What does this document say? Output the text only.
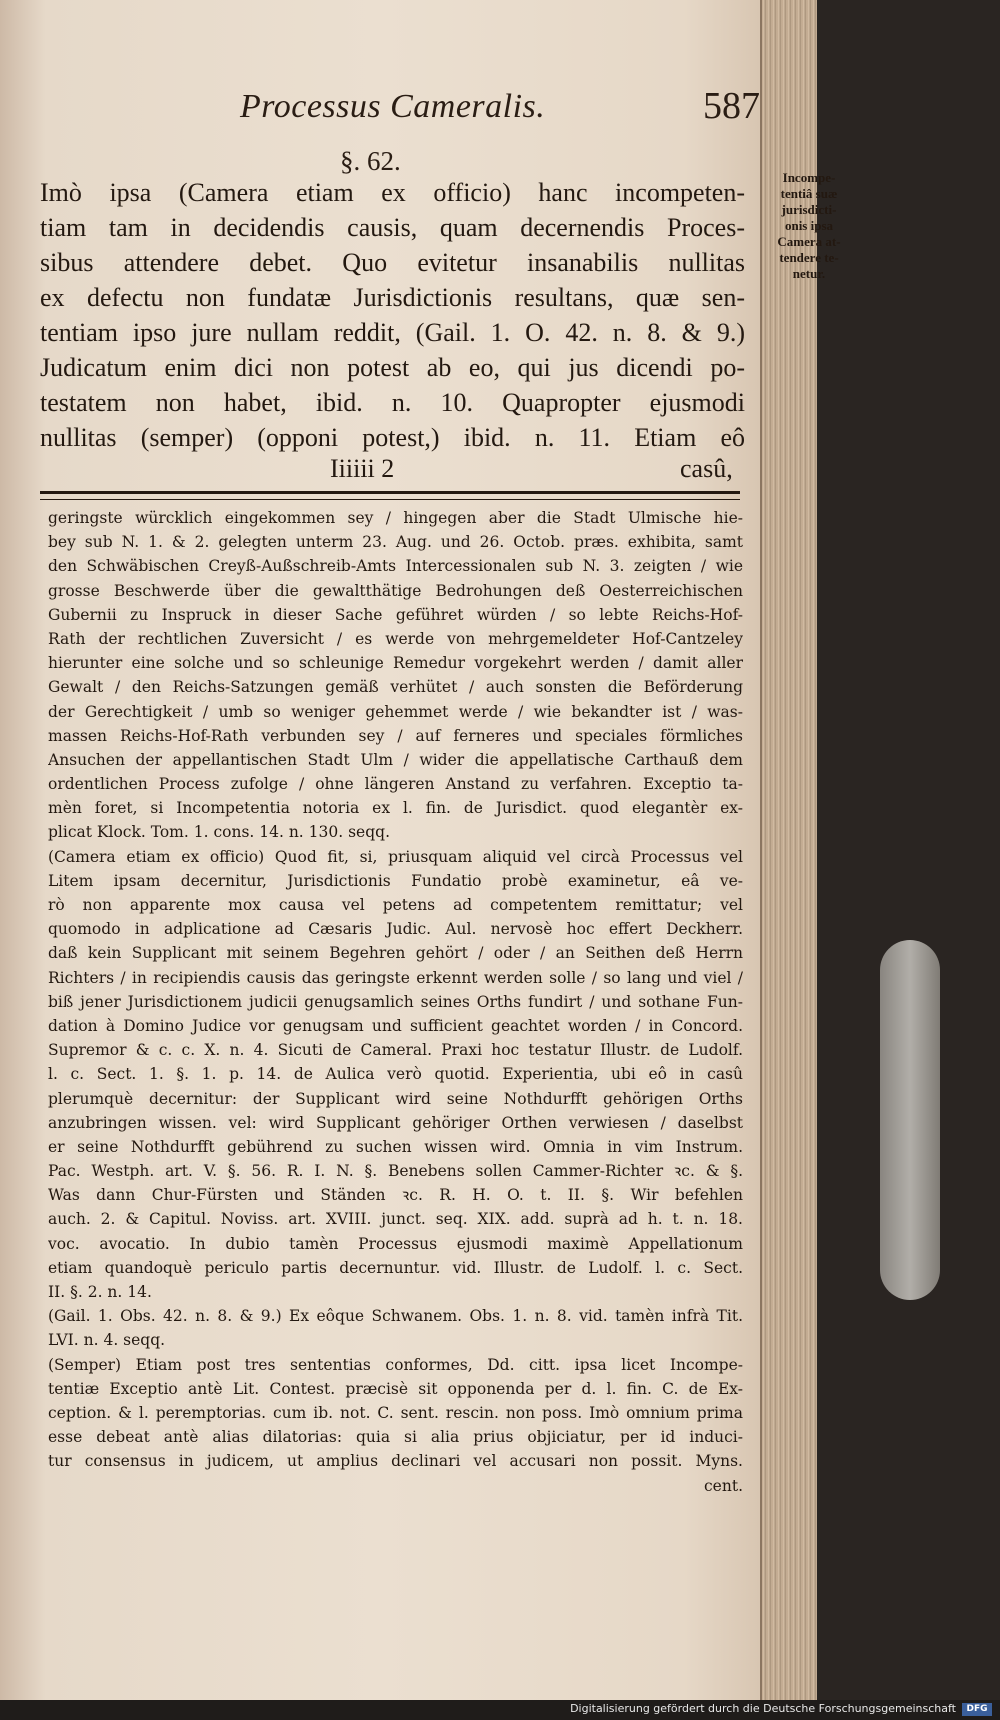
Processus Cameralis.	587
§. 62.
Imò ipsa (Camera etiam ex officio) hanc incompeten-
tiam tam in decidendis causis, quam decernendis Proces-
sibus attendere debet. Quo evitetur insanabilis nullitas
ex defectu non fundatæ Jurisdictionis resultans, quæ sen-
tentiam ipso jure nullam reddit, (Gail. 1. O. 42. n. 8. & 9.)
Judicatum enim dici non potest ab eo, qui jus dicendi po-
testatem non habet, ibid. n. 10. Quapropter ejusmodi
nullitas (semper) (opponi potest,) ibid. n. 11. Etiam eô
Iiiiii 2	casû,
geringste würcklich eingekommen sey / hingegen aber die Stadt Ulmische hie-
bey sub N. 1. & 2. gelegten unterm 23. Aug. und 26. Octob. præs. exhibita, samt
den Schwäbischen Creyß-Außschreib-Amts Intercessionalen sub N. 3. zeigten / wie
grosse Beschwerde über die gewaltthätige Bedrohungen deß Oesterreichischen
Gubernii zu Inspruck in dieser Sache geführet würden / so lebte Reichs-Hof-
Rath der rechtlichen Zuversicht / es werde von mehrgemeldeter Hof-Cantzeley
hierunter eine solche und so schleunige Remedur vorgekehrt werden / damit aller
Gewalt / den Reichs-Satzungen gemäß verhütet / auch sonsten die Beförderung
der Gerechtigkeit / umb so weniger gehemmet werde / wie bekandter ist / was-
massen Reichs-Hof-Rath verbunden sey / auf ferneres und speciales förmliches
Ansuchen der appellantischen Stadt Ulm / wider die appellatische Carthauß dem
ordentlichen Process zufolge / ohne längeren Anstand zu verfahren. Exceptio ta-
mèn foret, si Incompetentia notoria ex l. fin. de Jurisdict. quod elegantèr ex-
plicat Klock. Tom. 1. cons. 14. n. 130. seqq.
(Camera etiam ex officio) Quod fit, si, priusquam aliquid vel circà Processus vel
Litem ipsam decernitur, Jurisdictionis Fundatio probè examinetur, eâ ve-
rò non apparente mox causa vel petens ad competentem remittatur; vel
quomodo in adplicatione ad Cæsaris Judic. Aul. nervosè hoc effert Deckherr.
daß kein Supplicant mit seinem Begehren gehört / oder / an Seithen deß Herrn
Richters / in recipiendis causis das geringste erkennt werden solle / so lang und viel /
biß jener Jurisdictionem judicii genugsamlich seines Orths fundirt / und sothane Fun-
dation à Domino Judice vor genugsam und sufficient geachtet worden / in Concord.
Supremor & c. c. X. n. 4. Sicuti de Cameral. Praxi hoc testatur Illustr. de Ludolf.
l. c. Sect. 1. §. 1. p. 14. de Aulica verò quotid. Experientia, ubi eô in casû
plerumquè decernitur: der Supplicant wird seine Nothdurfft gehörigen Orths
anzubringen wissen. vel: wird Supplicant gehöriger Orthen verwiesen / daselbst
er seine Nothdurfft gebührend zu suchen wissen wird. Omnia in vim Instrum.
Pac. Westph. art. V. §. 56. R. I. N. §. Benebens sollen Cammer-Richter ꝛc. & §.
Was dann Chur-Fürsten und Ständen ꝛc. R. H. O. t. II. §. Wir befehlen
auch. 2. & Capitul. Noviss. art. XVIII. junct. seq. XIX. add. suprà ad h. t. n. 18.
voc. avocatio. In dubio tamèn Processus ejusmodi maximè Appellationum
etiam quandoquè periculo partis decernuntur. vid. Illustr. de Ludolf. l. c. Sect.
II. §. 2. n. 14.
(Gail. 1. Obs. 42. n. 8. & 9.) Ex eôque Schwanem. Obs. 1. n. 8. vid. tamèn infrà Tit.
LVI. n. 4. seqq.
(Semper) Etiam post tres sententias conformes, Dd. citt. ipsa licet Incompe-
tentiæ Exceptio antè Lit. Contest. præcisè sit opponenda per d. l. fin. C. de Ex-
ception. & l. peremptorias. cum ib. not. C. sent. rescin. non poss. Imò omnium prima
esse debeat antè alias dilatorias: quia si alia prius objiciatur, per id induci-
tur consensus in judicem, ut amplius declinari vel accusari non possit. Myns.
cent.
Incompe-
tentiâ suæ
jurisdicti-
onis ipsa
Camera at-
tendere te-
netur.
Digitalisierung gefördert durch die Deutsche Forschungsgemeinschaft	DFG
